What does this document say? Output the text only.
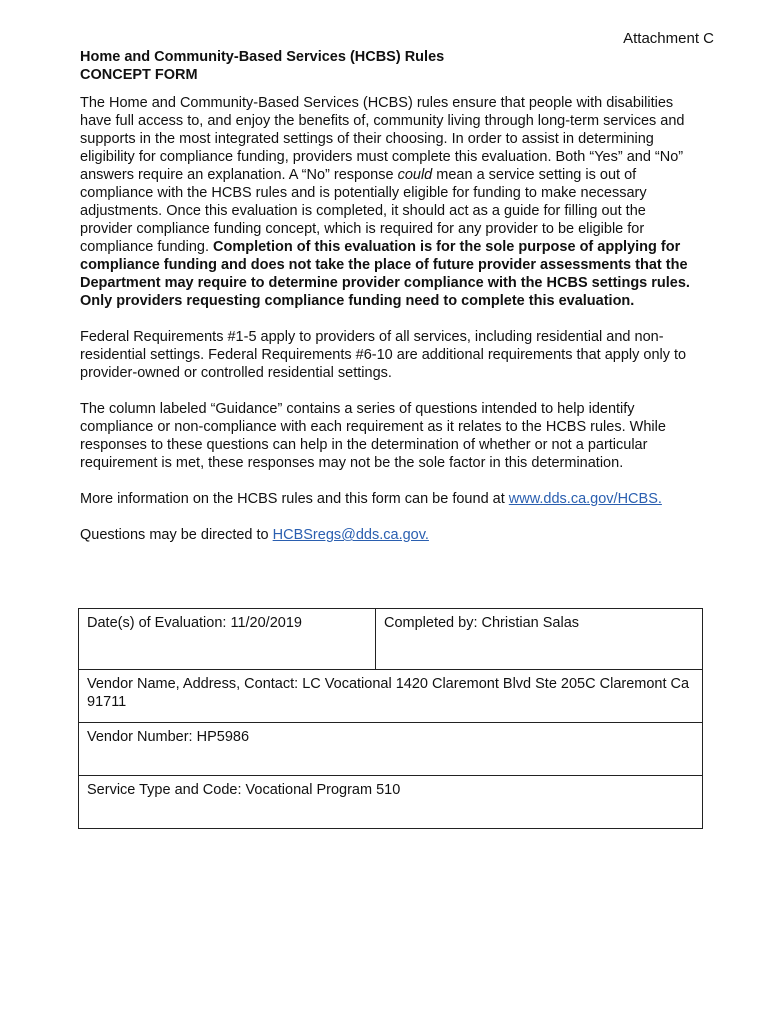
Attachment C
Home and Community-Based Services (HCBS) Rules
CONCEPT FORM

The Home and Community-Based Services (HCBS) rules ensure that people with disabilities have full access to, and enjoy the benefits of, community living through long-term services and supports in the most integrated settings of their choosing. In order to assist in determining eligibility for compliance funding, providers must complete this evaluation. Both “Yes” and “No” answers require an explanation. A “No” response could mean a service setting is out of compliance with the HCBS rules and is potentially eligible for funding to make necessary adjustments. Once this evaluation is completed, it should act as a guide for filling out the provider compliance funding concept, which is required for any provider to be eligible for compliance funding. Completion of this evaluation is for the sole purpose of applying for compliance funding and does not take the place of future provider assessments that the Department may require to determine provider compliance with the HCBS settings rules. Only providers requesting compliance funding need to complete this evaluation.

Federal Requirements #1-5 apply to providers of all services, including residential and non-residential settings. Federal Requirements #6-10 are additional requirements that apply only to provider-owned or controlled residential settings.

The column labeled “Guidance” contains a series of questions intended to help identify compliance or non-compliance with each requirement as it relates to the HCBS rules. While responses to these questions can help in the determination of whether or not a particular requirement is met, these responses may not be the sole factor in this determination.

More information on the HCBS rules and this form can be found at www.dds.ca.gov/HCBS.

Questions may be directed to HCBSregs@dds.ca.gov.

Date(s) of Evaluation: 11/20/2019	Completed by: Christian Salas
Vendor Name, Address, Contact: LC Vocational 1420 Claremont Blvd Ste 205C Claremont Ca 91711
Vendor Number: HP5986
Service Type and Code: Vocational Program 510
